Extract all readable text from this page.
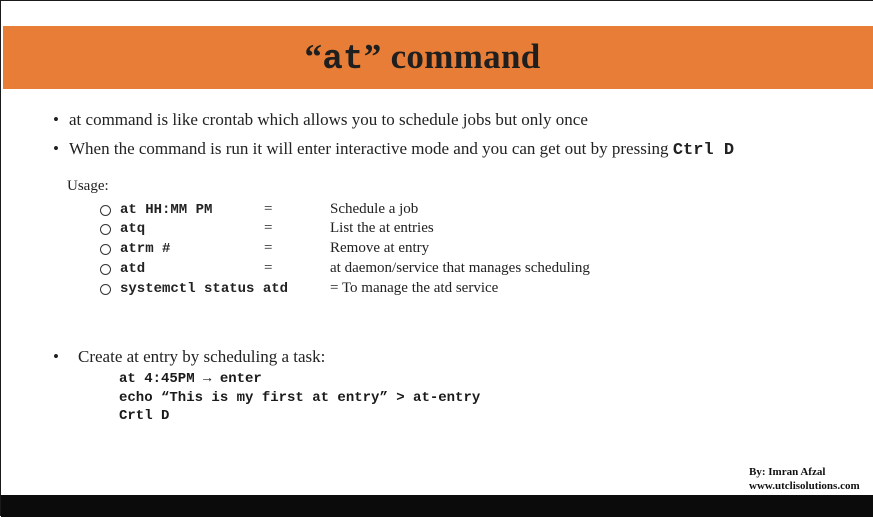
“at” command
• at command is like crontab which allows you to schedule jobs but only once
• When the command is run it will enter interactive mode and you can get out by pressing Ctrl D
Usage:
at HH:MM PM	=	Schedule a job
atq	=	List the at entries
atrm #	=	Remove at entry
atd	=	at daemon/service that manages scheduling
systemctl status atd	= To manage the atd service
• Create at entry by scheduling a task:
at 4:45PM → enter
echo “This is my first at entry” > at-entry
Crtl D
By: Imran Afzal
www.utclisolutions.com
